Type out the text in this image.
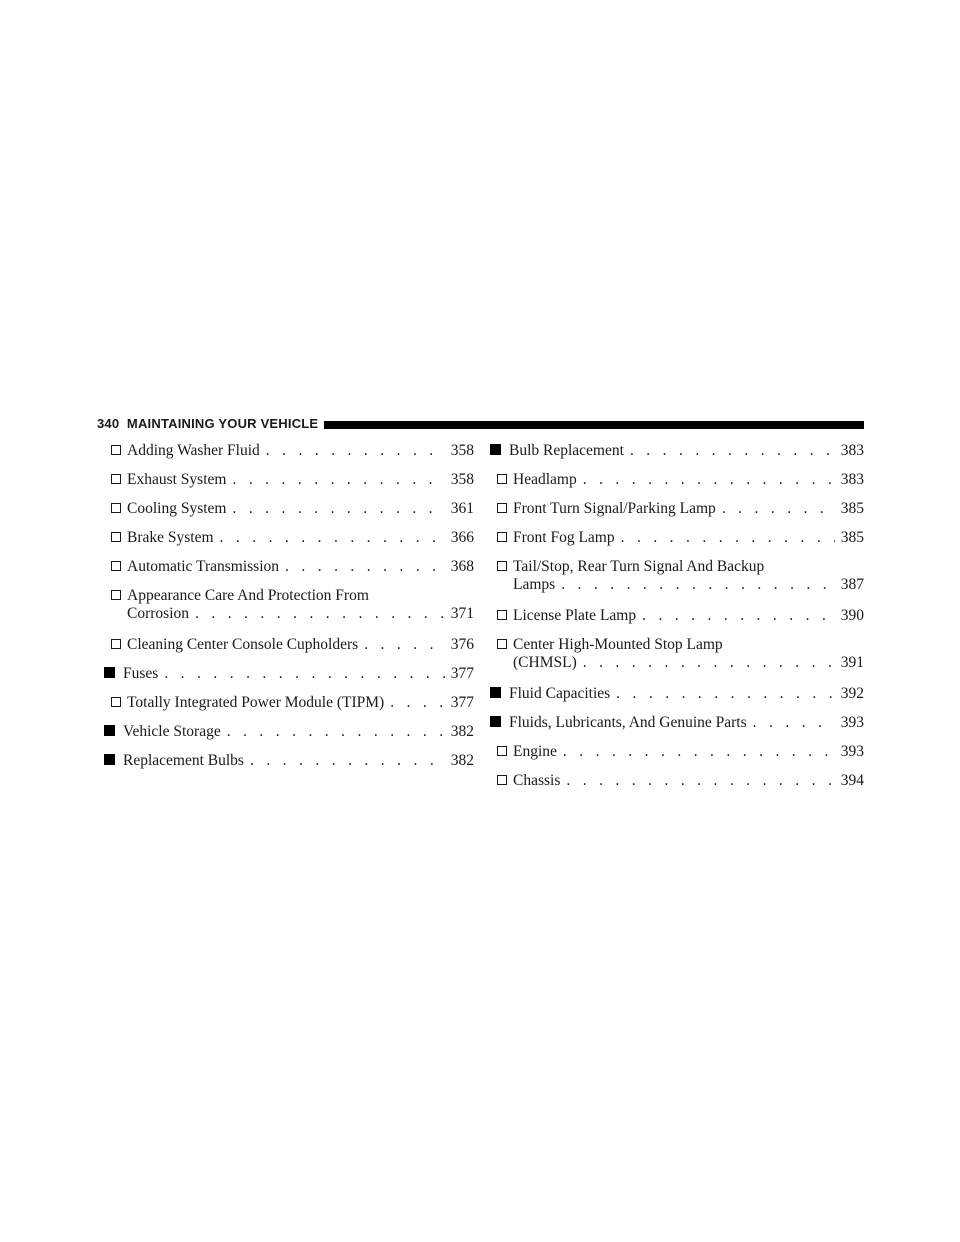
340 MAINTAINING YOUR VEHICLE
Adding Washer Fluid . . .	358
Exhaust System . . .	358
Cooling System . . .	361
Brake System . . .	366
Automatic Transmission . . .	368
Appearance Care And Protection From
Corrosion . . .	371
Cleaning Center Console Cupholders . . .	376
Fuses . . .	377
Totally Integrated Power Module (TIPM) . . .	377
Vehicle Storage . . .	382
Replacement Bulbs . . .	382
Bulb Replacement . . .	383
Headlamp . . .	383
Front Turn Signal/Parking Lamp . . .	385
Front Fog Lamp . . .	385
Tail/Stop, Rear Turn Signal And Backup
Lamps . . .	387
License Plate Lamp . . .	390
Center High-Mounted Stop Lamp
(CHMSL) . . .	391
Fluid Capacities . . .	392
Fluids, Lubricants, And Genuine Parts . . .	393
Engine . . .	393
Chassis . . .	394
